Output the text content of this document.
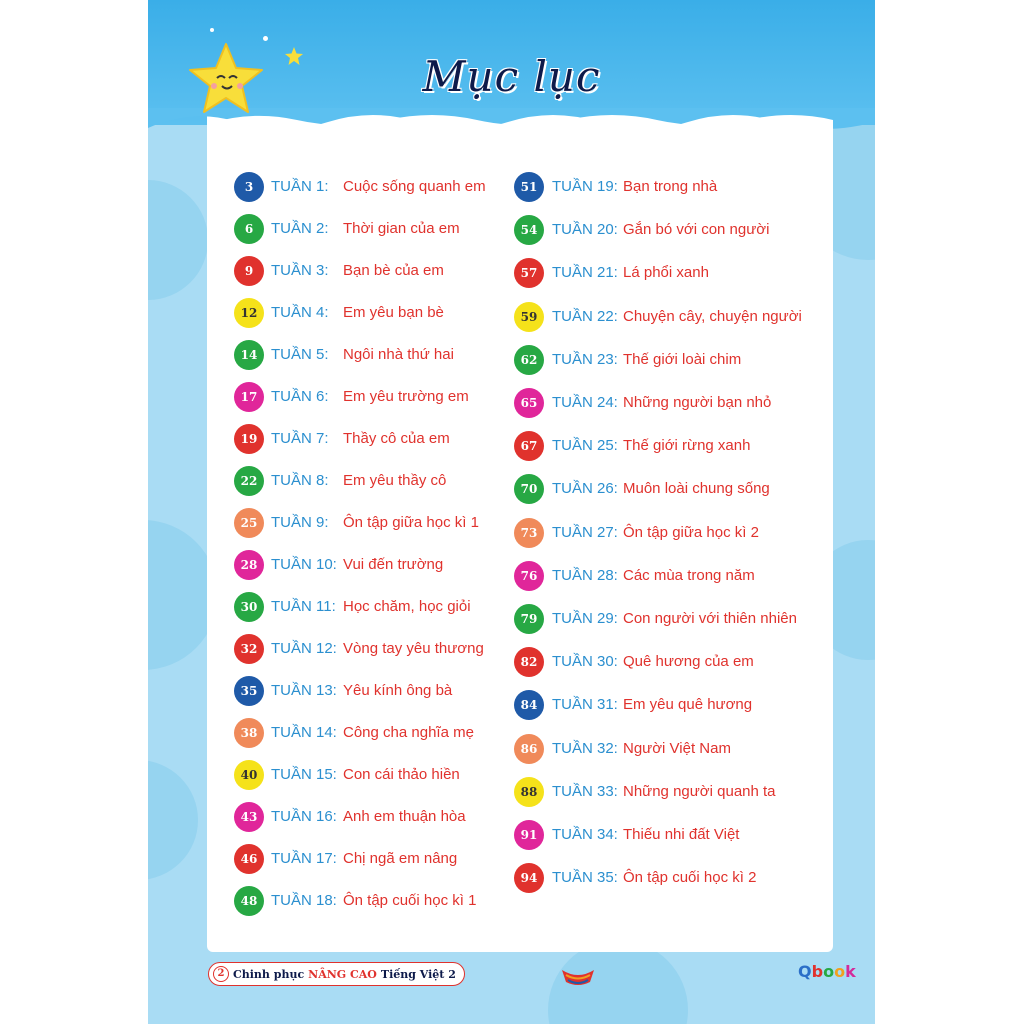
Mục lục
3	TUẦN 1: Cuộc sống quanh em
6	TUẦN 2: Thời gian của em
9	TUẦN 3: Bạn bè của em
12 TUẦN 4: Em yêu bạn bè
14 TUẦN 5: Ngôi nhà thứ hai
17 TUẦN 6: Em yêu trường em
19 TUẦN 7: Thầy cô của em
22 TUẦN 8: Em yêu thầy cô
25 TUẦN 9: Ôn tập giữa học kì 1
28 TUẦN 10: Vui đến trường
30 TUẦN 11: Học chăm, học giỏi
32 TUẦN 12: Vòng tay yêu thương
35 TUẦN 13: Yêu kính ông bà
38 TUẦN 14: Công cha nghĩa mẹ
40 TUẦN 15: Con cái thảo hiền
43 TUẦN 16: Anh em thuận hòa
46 TUẦN 17: Chị ngã em nâng
48 TUẦN 18: Ôn tập cuối học kì 1
51 TUẦN 19: Bạn trong nhà
54 TUẦN 20: Gắn bó với con người
57 TUẦN 21: Lá phổi xanh
59 TUẦN 22: Chuyện cây, chuyện người
62 TUẦN 23: Thế giới loài chim
65 TUẦN 24: Những người bạn nhỏ
67 TUẦN 25: Thế giới rừng xanh
70 TUẦN 26: Muôn loài chung sống
73 TUẦN 27: Ôn tập giữa học kì 2
76 TUẦN 28: Các mùa trong năm
79 TUẦN 29: Con người với thiên nhiên
82 TUẦN 30: Quê hương của em
84 TUẦN 31: Em yêu quê hương
86 TUẦN 32: Người Việt Nam
88 TUẦN 33: Những người quanh ta
91 TUẦN 34: Thiếu nhi đất Việt
94 TUẦN 35: Ôn tập cuối học kì 2
2 Chinh phục NÂNG CAO Tiếng Việt 2	Qbook
